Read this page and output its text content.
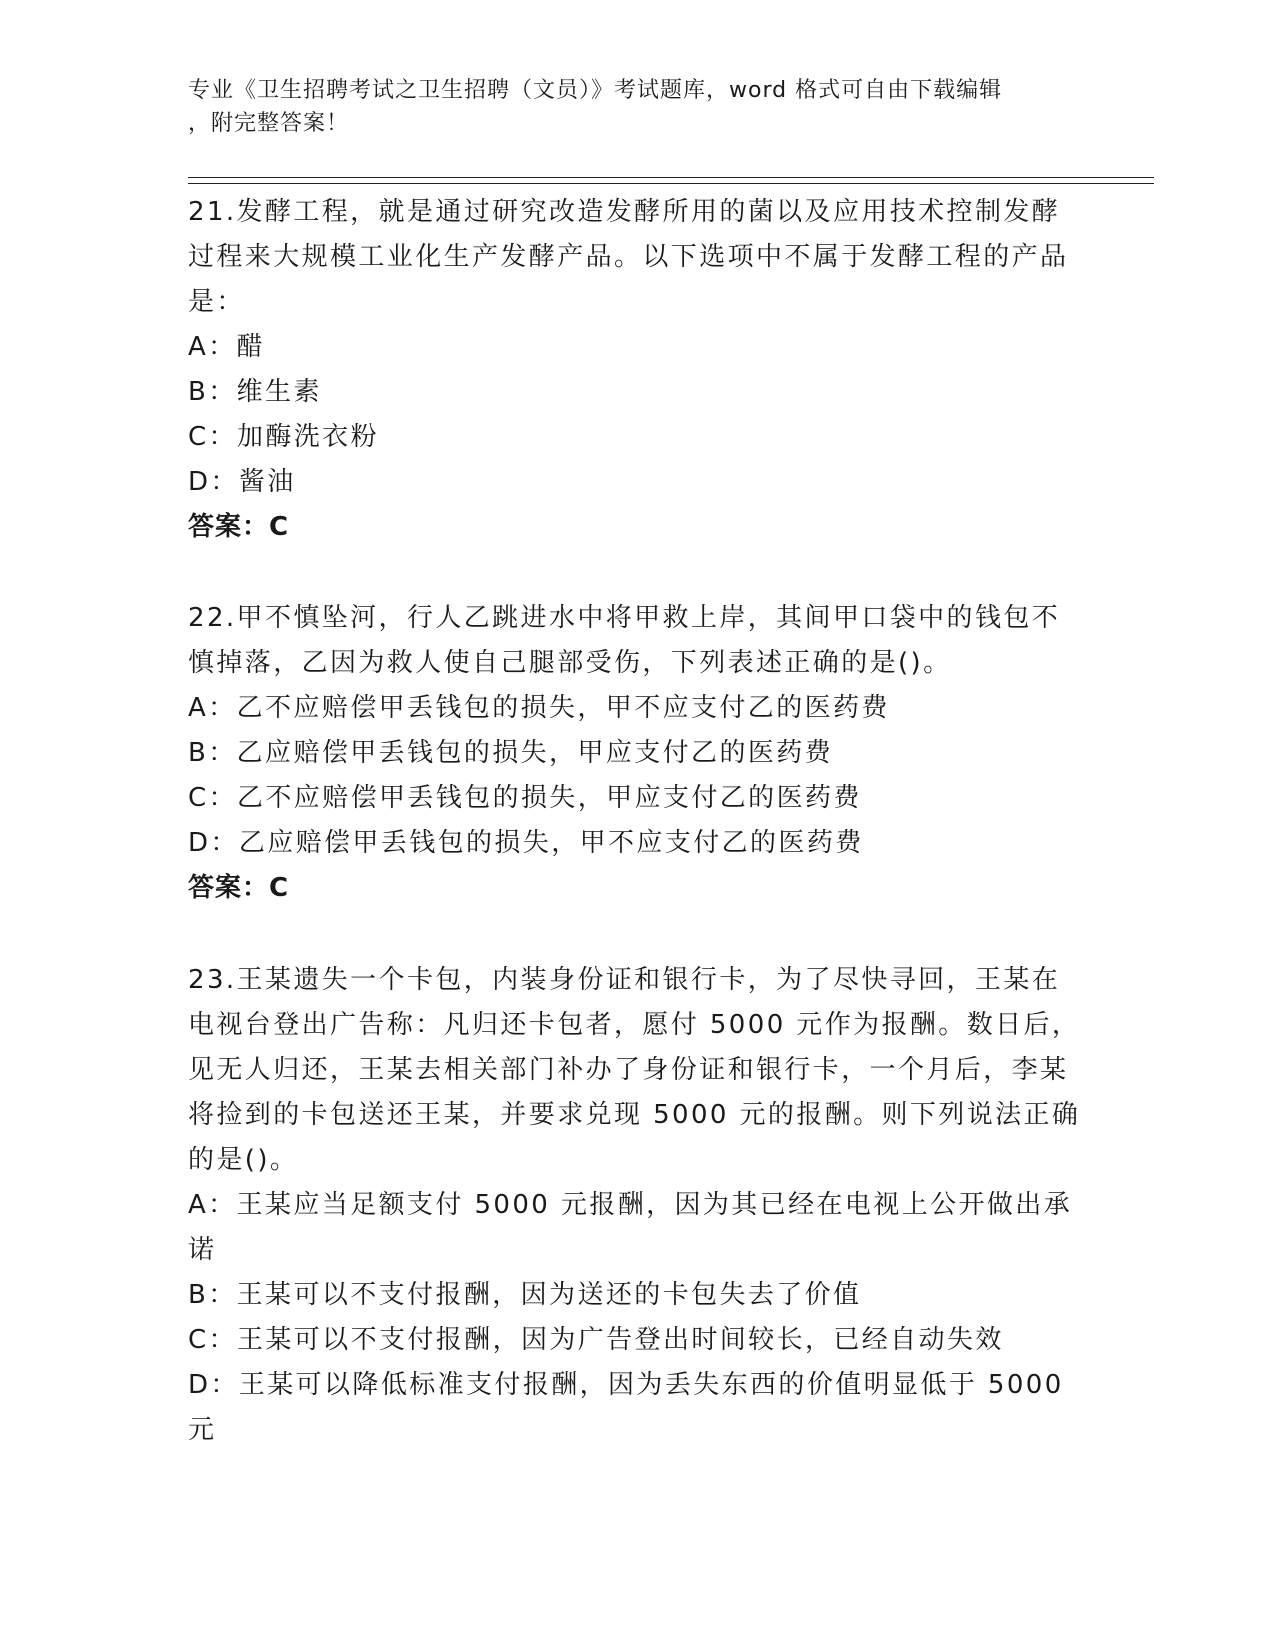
专业《卫生招聘考试之卫生招聘（文员）》考试题库，word 格式可自由下载编辑
，附完整答案！

21.发酵工程，就是通过研究改造发酵所用的菌以及应用技术控制发酵过程来大规模工业化生产发酵产品。以下选项中不属于发酵工程的产品是：

A：醋

B：维生素

C：加酶洗衣粉

D：酱油

答案：C

22.甲不慎坠河，行人乙跳进水中将甲救上岸，其间甲口袋中的钱包不慎掉落，乙因为救人使自己腿部受伤，下列表述正确的是()。

A：乙不应赔偿甲丢钱包的损失，甲不应支付乙的医药费

B：乙应赔偿甲丢钱包的损失，甲应支付乙的医药费

C：乙不应赔偿甲丢钱包的损失，甲应支付乙的医药费

D：乙应赔偿甲丢钱包的损失，甲不应支付乙的医药费

答案：C

23.王某遗失一个卡包，内装身份证和银行卡，为了尽快寻回，王某在电视台登出广告称：凡归还卡包者，愿付 5000 元作为报酬。数日后，见无人归还，王某去相关部门补办了身份证和银行卡，一个月后，李某将捡到的卡包送还王某，并要求兑现 5000 元的报酬。则下列说法正确的是()。

A：王某应当足额支付 5000 元报酬，因为其已经在电视上公开做出承诺

B：王某可以不支付报酬，因为送还的卡包失去了价值

C：王某可以不支付报酬，因为广告登出时间较长，已经自动失效

D：王某可以降低标准支付报酬，因为丢失东西的价值明显低于 5000 元
